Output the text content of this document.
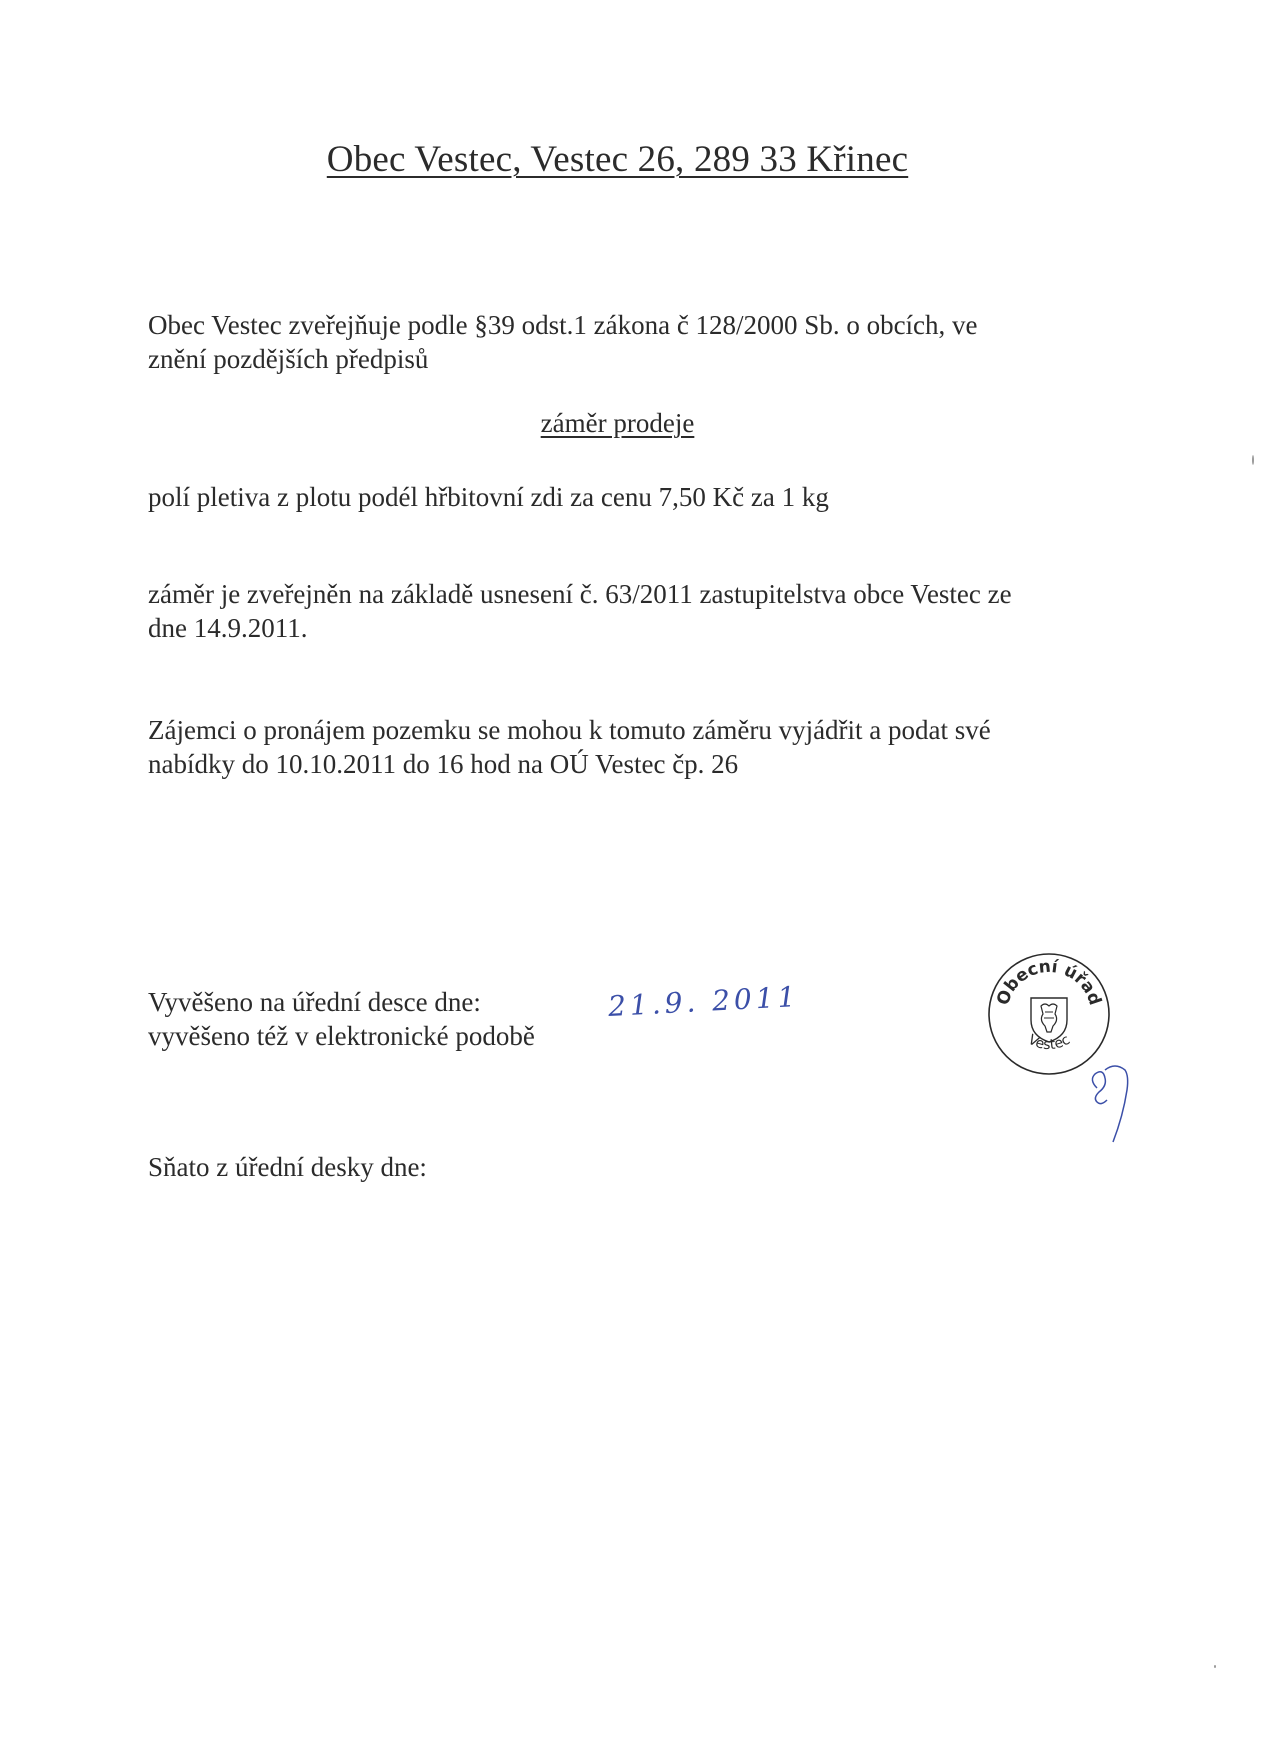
Obec Vestec, Vestec 26, 289 33 Křinec
Obec Vestec zveřejňuje podle §39 odst.1 zákona č 128/2000 Sb. o obcích, ve
znění pozdějších předpisů
záměr prodeje
polí pletiva z plotu podél hřbitovní zdi za cenu 7,50 Kč za 1 kg
záměr je zveřejněn na základě usnesení č. 63/2011 zastupitelstva obce Vestec ze
dne 14.9.2011.
Zájemci o pronájem pozemku se mohou k tomuto záměru vyjádřit a podat své
nabídky do 10.10.2011 do 16 hod na OÚ Vestec čp. 26
Vyvěšeno na úřední desce dne:
vyvěšeno též v elektronické podobě
21.9. 2011	Obecní úřad
Vestec
Sňato z úřední desky dne:
